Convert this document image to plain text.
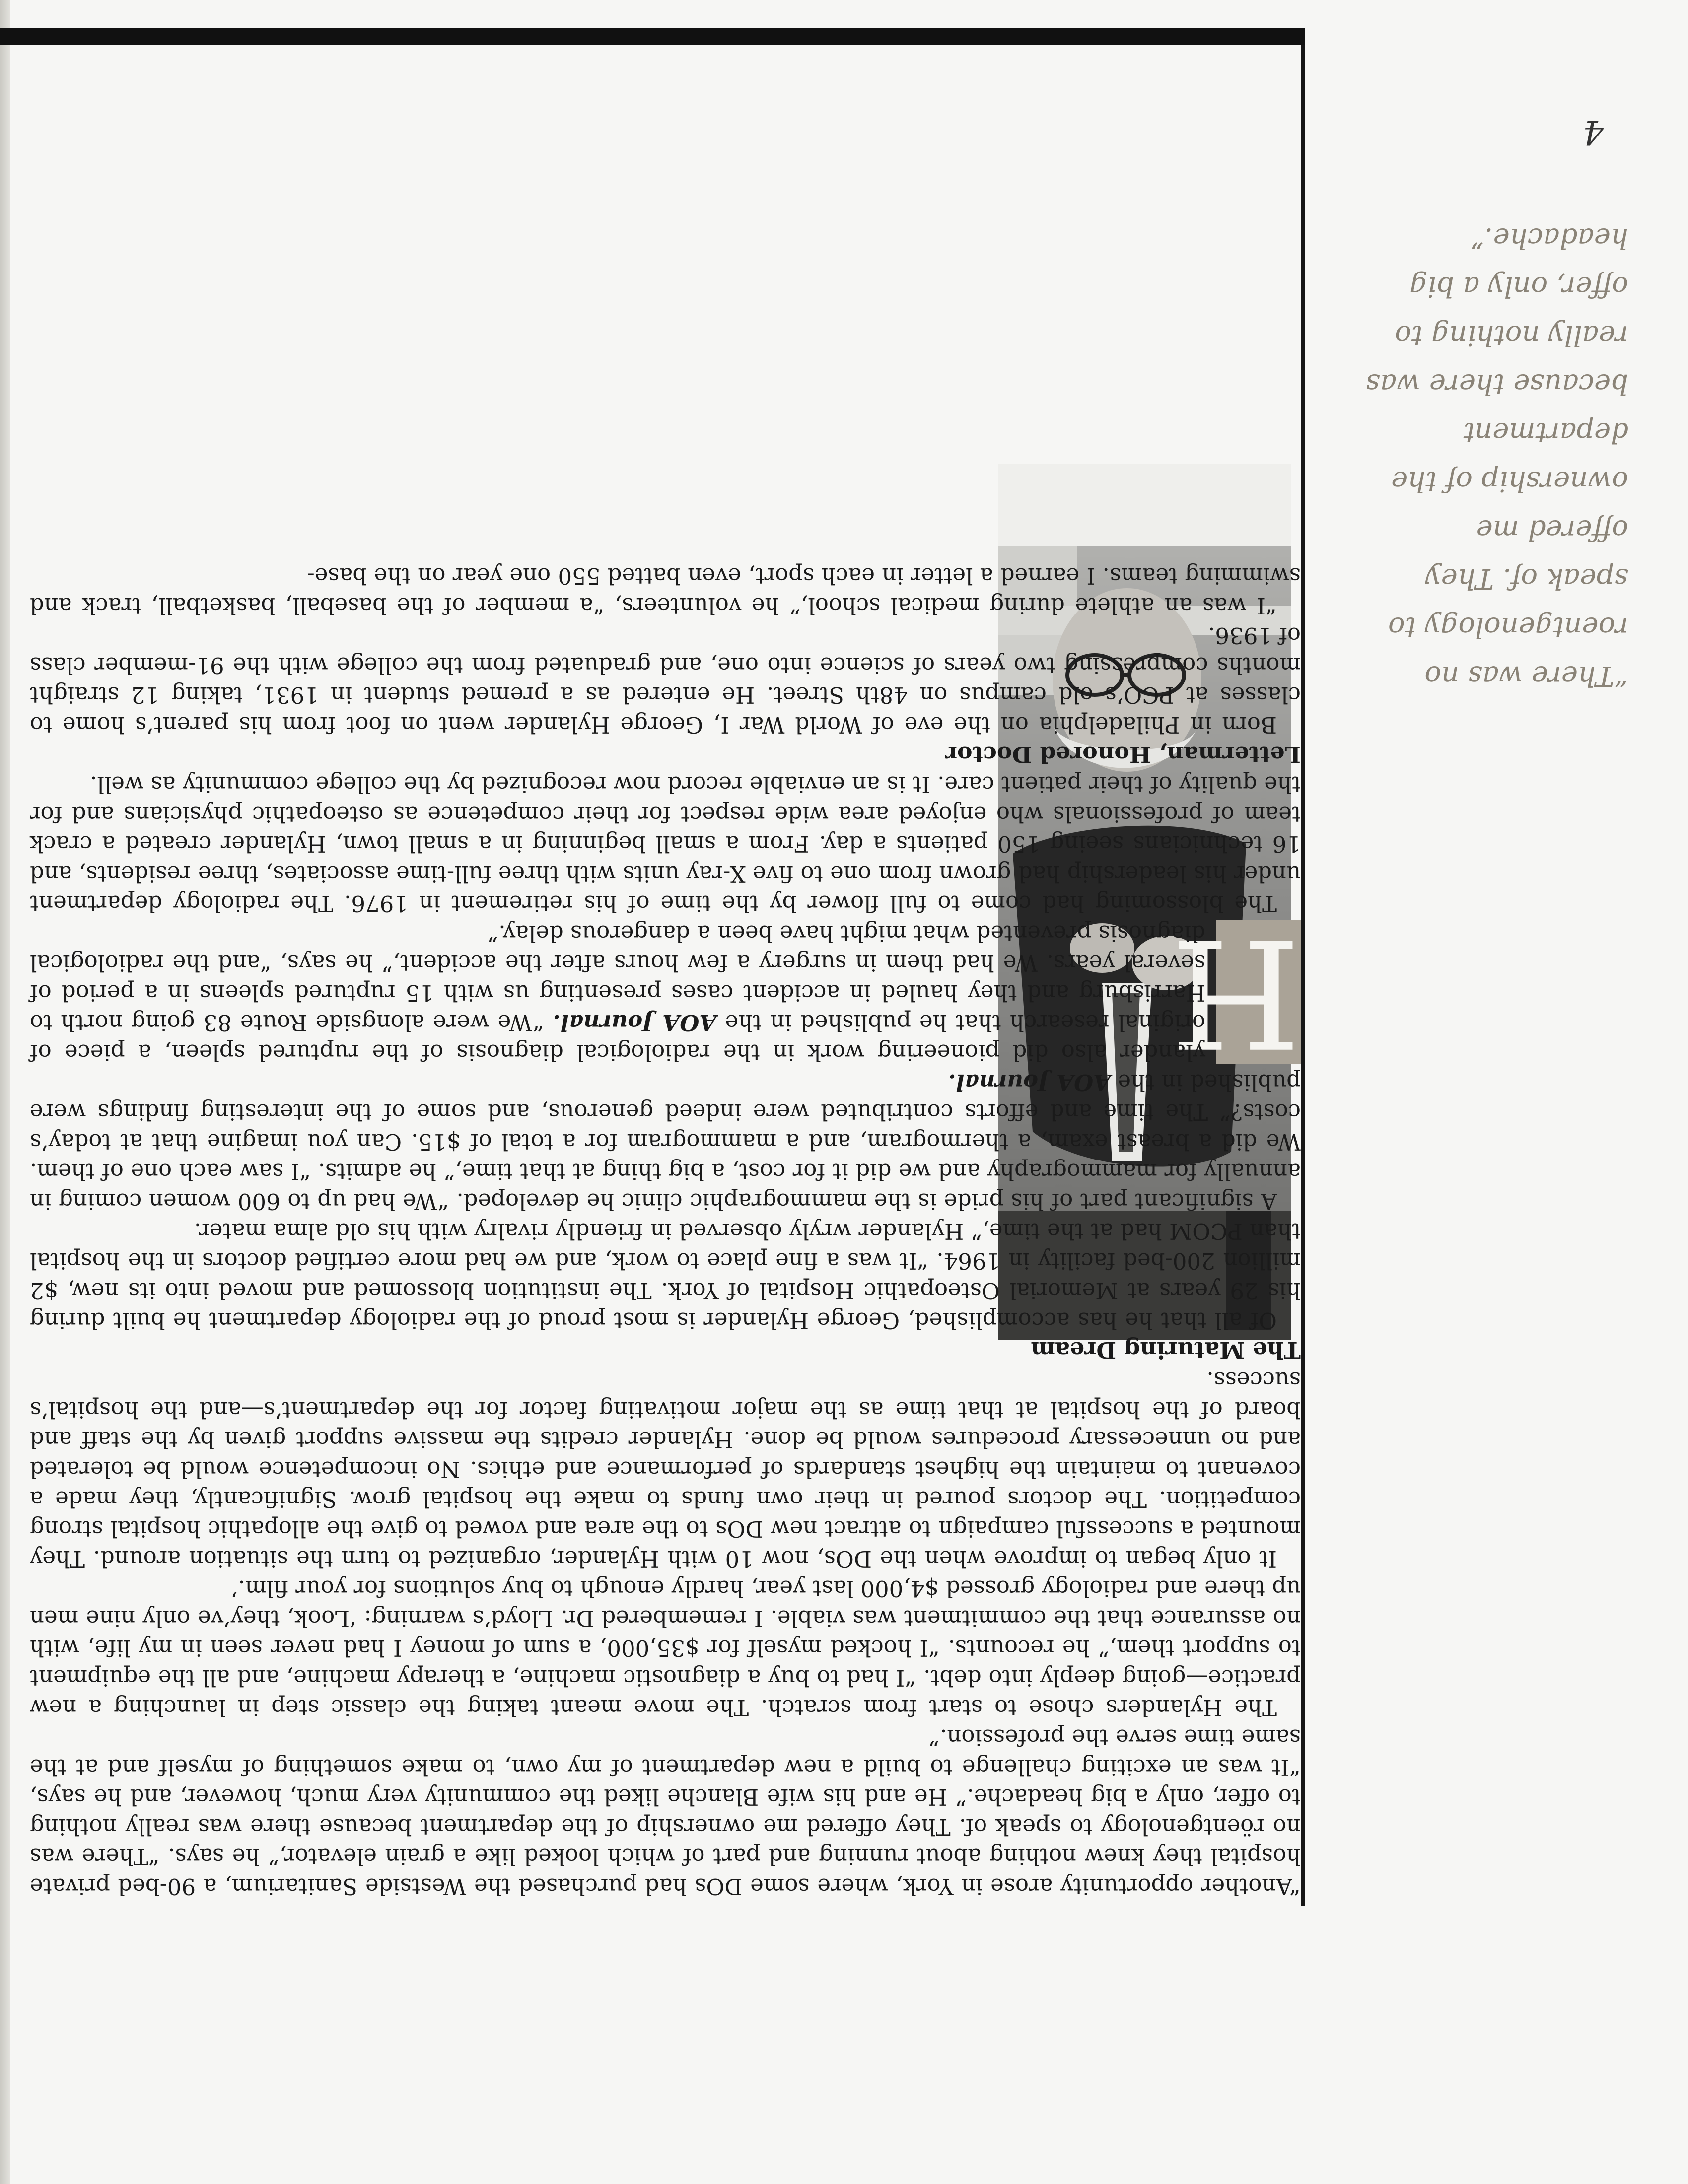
4
“There was no roentgenology to speak of. They offered me ownership of the department because there was really nothing to offer, only a big headache.”

“Another opportunity arose in York, where some DOs had purchased the Westside Sanitarium, a 90-bed private hospital they knew nothing about running and part of which looked like a grain elevator,” he says. “There was no röentgenology to speak of. They offered me ownership of the department because there was really nothing to offer, only a big headache.” He and his wife Blanche liked the community very much, however, and he says, “It was an exciting challenge to build a new department of my own, to make something of myself and at the same time serve the profession.”

The Hylanders chose to start from scratch. The move meant taking the classic step in launching a new practice—going deeply into debt. “I had to buy a diagnostic machine, a therapy machine, and all the equipment to support them,” he recounts. “I hocked myself for $35,000, a sum of money I had never seen in my life, with no assurance that the commitment was viable. I remembered Dr. Lloyd’s warning: ‘Look, they’ve only nine men up there and radiology grossed $4,000 last year, hardly enough to buy solutions for your film.’

It only began to improve when the DOs, now 10 with Hylander, organized to turn the situation around. They mounted a successful campaign to attract new DOs to the area and vowed to give the allopathic hospital strong competition. The doctors poured in their own funds to make the hospital grow. Significantly, they made a covenant to maintain the highest standards of performance and ethics. No incompetence would be tolerated and no unnecessary procedures would be done. Hylander credits the massive support given by the staff and board of the hospital at that time as the major motivating factor for the department’s—and the hospital’s success.

The Maturing Dream

Of all that he has accomplished, George Hylander is most proud of the radiology department he built during his 29 years at Memorial Osteopathic Hospital of York. The institution blossomed and moved into its new, $2 million 200-bed facility in 1964. “It was a fine place to work, and we had more certified doctors in the hospital than PCOM had at the time,” Hylander wryly observed in friendly rivalry with his old alma mater.

A significant part of his pride is the mammographic clinic he developed. “We had up to 600 women coming in annually for mammography and we did it for cost, a big thing at that time,” he admits. “I saw each one of them. We did a breast exam, a thermogram, and a mammogram for a total of $15. Can you imagine that at today’s costs?” The time and efforts contributed were indeed generous, and some of the interesting findings were published in the AOA Journal.

H
ylander also did pioneering work in the radiological diagnosis of the ruptured spleen, a piece of original research that he published in the AOA Journal. “We were alongside Route 83 going north to Harrisburg and they hauled in accident cases presenting us with 15 ruptured spleens in a period of several years. We had them in surgery a few hours after the accident,” he says, “and the radiological diagnosis prevented what might have been a dangerous delay.”

The blossoming had come to full flower by the time of his retirement in 1976. The radiology department under his leadership had grown from one to five X-ray units with three full-time associates, three residents, and 16 technicians seeing 150 patients a day. From a small beginning in a small town, Hylander created a crack team of professionals who enjoyed area wide respect for their competence as osteopathic physicians and for the quality of their patient care. It is an enviable record now recognized by the college community as well.

Letterman, Honored Doctor

Born in Philadelphia on the eve of World War I, George Hylander went on foot from his parent’s home to classes at PCO’s old campus on 48th Street. He entered as a premed student in 1931, taking 12 straight months compressing two years of science into one, and graduated from the college with the 91-member class of 1936.

“I was an athlete during medical school,” he volunteers, “a member of the baseball, basketball, track and swimming teams. I earned a letter in each sport, even batted 550 one year on the base-
